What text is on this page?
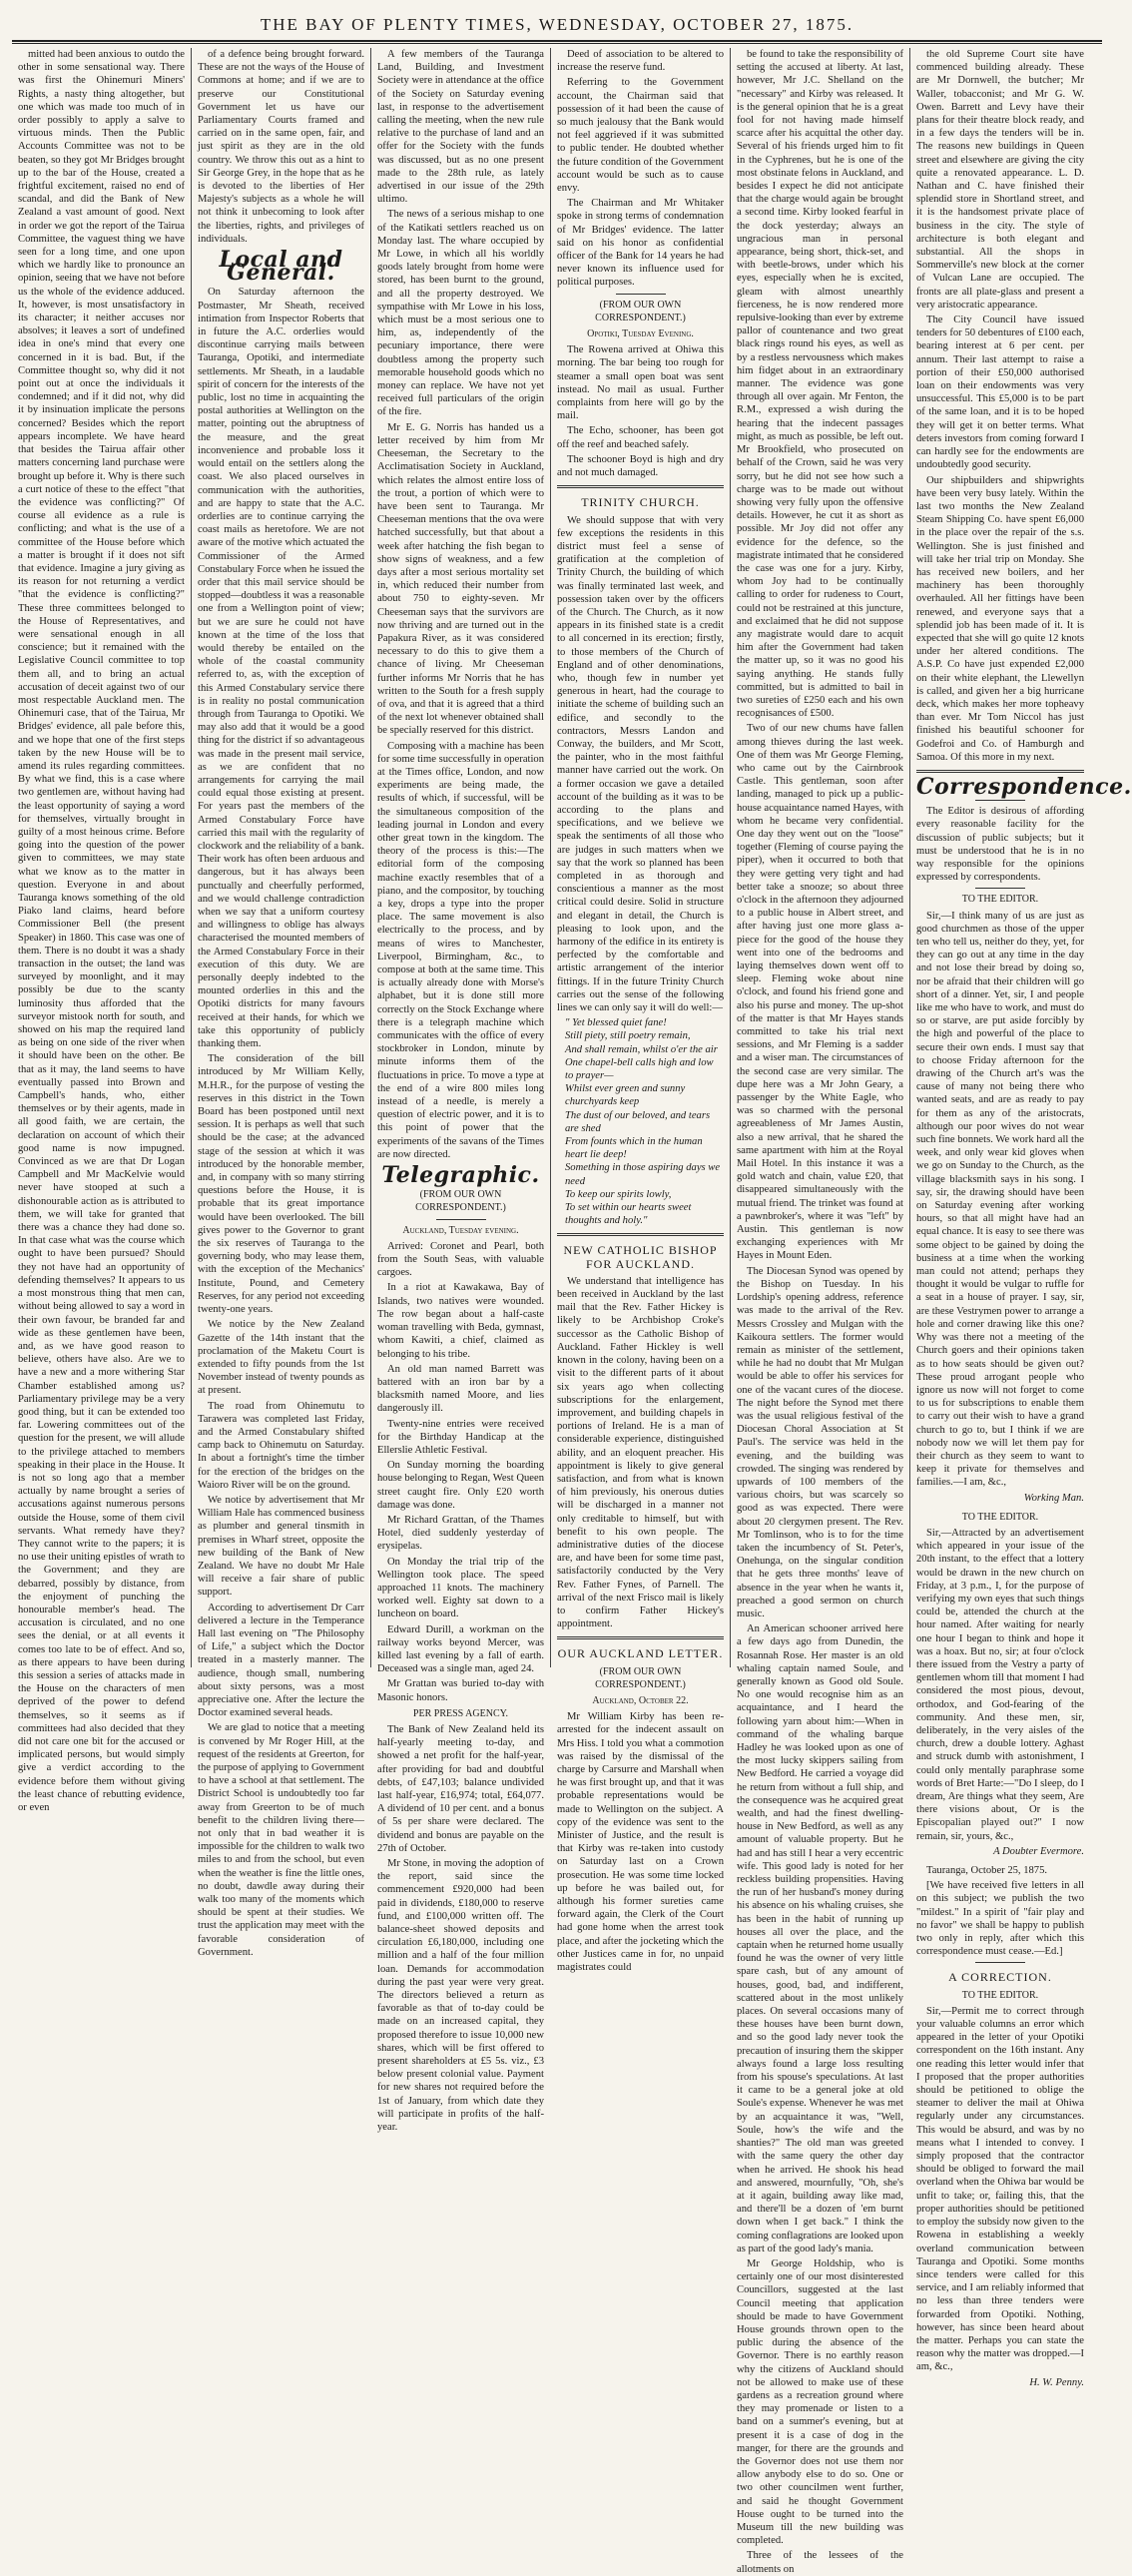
THE BAY OF PLENTY TIMES, WEDNESDAY, OCTOBER 27, 1875.

mitted had been anxious to outdo the other in some sensational way. There was first the Ohinemuri Miners' Rights, a nasty thing altogether, but one which was made too much of in order possibly to apply a salve to virtuous minds. Then the Public Accounts Committee was not to be beaten, so they got Mr Bridges brought up to the bar of the House, created a frightful excitement, raised no end of scandal, and did the Bank of New Zealand a vast amount of good. Next in order we got the report of the Tairua Committee, the vaguest thing we have seen for a long time, and one upon which we hardly like to pronounce an opinion, seeing that we have not before us the whole of the evidence adduced. It, however, is most unsatisfactory in its character; it neither accuses nor absolves; it leaves a sort of undefined idea in one's mind that every one concerned in it is bad. But, if the Committee thought so, why did it not point out at once the individuals it condemned; and if it did not, why did it by insinuation implicate the persons concerned? Besides which the report appears incomplete. We have heard that besides the Tairua affair other matters concerning land purchase were brought up before it. Why is there such a curt notice of these to the effect "that the evidence was conflicting?" Of course all evidence as a rule is conflicting; and what is the use of a committee of the House before which a matter is brought if it does not sift that evidence. Imagine a jury giving as its reason for not returning a verdict "that the evidence is conflicting?" These three committees belonged to the House of Representatives, and were sensational enough in all conscience; but it remained with the Legislative Council committee to top them all, and to bring an actual accusation of deceit against two of our most respectable Auckland men. The Ohinemuri case, that of the Tairua, Mr Bridges' evidence, all pale before this, and we hope that one of the first steps taken by the new House will be to amend its rules regarding committees. By what we find, this is a case where two gentlemen are, without having had the least opportunity of saying a word for themselves, virtually brought in guilty of a most heinous crime. Before going into the question of the power given to committees, we may state what we know as to the matter in question. Everyone in and about Tauranga knows something of the old Piako land claims, heard before Commissioner Bell (the present Speaker) in 1860. This case was one of them. There is no doubt it was a shady transaction in the outset; the land was surveyed by moonlight, and it may possibly be due to the scanty luminosity thus afforded that the surveyor mistook north for south, and showed on his map the required land as being on one side of the river when it should have been on the other. Be that as it may, the land seems to have eventually passed into Brown and Campbell's hands, who, either themselves or by their agents, made in all good faith, we are certain, the declaration on account of which their good name is now impugned. Convinced as we are that Dr Logan Campbell and Mr MacKelvie would never have stooped at such a dishonourable action as is attributed to them, we will take for granted that there was a chance they had done so. In that case what was the course which ought to have been pursued? Should they not have had an opportunity of defending themselves? It appears to us a most monstrous thing that men can, without being allowed to say a word in their own favour, be branded far and wide as these gentlemen have been, and, as we have good reason to believe, others have also. Are we to have a new and a more withering Star Chamber established among us? Parliamentary privilege may be a very good thing, but it can be extended too far. Lowering committees out of the question for the present, we will allude to the privilege attached to members speaking in their place in the House. It is not so long ago that a member actually by name brought a series of accusations against numerous persons outside the House, some of them civil servants. What remedy have they? They cannot write to the papers; it is no use their uniting epistles of wrath to the Government; and they are debarred, possibly by distance, from the enjoyment of punching the honourable member's head. The accusation is circulated, and no one sees the denial, or at all events it comes too late to be of effect. And so, as there appears to have been during this session a series of attacks made in the House on the characters of men deprived of the power to defend themselves, so it seems as if committees had also decided that they did not care one bit for the accused or implicated persons, but would simply give a verdict according to the evidence before them without giving the least chance of rebutting evidence, or even

of a defence being brought forward. These are not the ways of the House of Commons at home; and if we are to preserve our Constitutional Government let us have our Parliamentary Courts framed and carried on in the same open, fair, and just spirit as they are in the old country. We throw this out as a hint to Sir George Grey, in the hope that as he is devoted to the liberties of Her Majesty's subjects as a whole he will not think it unbecoming to look after the liberties, rights, and privileges of individuals.

Local and General.

On Saturday afternoon the Postmaster, Mr Sheath, received intimation from Inspector Roberts that in future the A.C. orderlies would discontinue carrying mails between Tauranga, Opotiki, and intermediate settlements. Mr Sheath, in a laudable spirit of concern for the interests of the public, lost no time in acquainting the postal authorities at Wellington on the matter, pointing out the abruptness of the measure, and the great inconvenience and probable loss it would entail on the settlers along the coast. We also placed ourselves in communication with the authorities, and are happy to state that the A.C. orderlies are to continue carrying the coast mails as heretofore. We are not aware of the motive which actuated the Commissioner of the Armed Constabulary Force when he issued the order that this mail service should be stopped—doubtless it was a reasonable one from a Wellington point of view; but we are sure he could not have known at the time of the loss that would thereby be entailed on the whole of the coastal community referred to, as, with the exception of this Armed Constabulary service there is in reality no postal communication through from Tauranga to Opotiki. We may also add that it would be a good thing for the district if so advantageous was made in the present mail service, as we are confident that no arrangements for carrying the mail could equal those existing at present. For years past the members of the Armed Constabulary Force have carried this mail with the regularity of clockwork and the reliability of a bank. Their work has often been arduous and dangerous, but it has always been punctually and cheerfully performed, and we would challenge contradiction when we say that a uniform courtesy and willingness to oblige has always characterised the mounted members of the Armed Constabulary Force in their execution of this duty. We are personally deeply indebted to the mounted orderlies in this and the Opotiki districts for many favours received at their hands, for which we take this opportunity of publicly thanking them.

The consideration of the bill introduced by Mr William Kelly, M.H.R., for the purpose of vesting the reserves in this district in the Town Board has been postponed until next session. It is perhaps as well that such should be the case; at the advanced stage of the session at which it was introduced by the honorable member, and, in company with so many stirring questions before the House, it is probable that its great importance would have been overlooked. The bill gives power to the Governor to grant the six reserves of Tauranga to the governing body, who may lease them, with the exception of the Mechanics' Institute, Pound, and Cemetery Reserves, for any period not exceeding twenty-one years.

We notice by the New Zealand Gazette of the 14th instant that the proclamation of the Maketu Court is extended to fifty pounds from the 1st November instead of twenty pounds as at present.

The road from Ohinemutu to Tarawera was completed last Friday, and the Armed Constabulary shifted camp back to Ohinemutu on Saturday. In about a fortnight's time the timber for the erection of the bridges on the Waioro River will be on the ground.

We notice by advertisement that Mr William Hale has commenced business as plumber and general tinsmith in premises in Wharf street, opposite the new building of the Bank of New Zealand. We have no doubt Mr Hale will receive a fair share of public support.

According to advertisement Dr Carr delivered a lecture in the Temperance Hall last evening on "The Philosophy of Life," a subject which the Doctor treated in a masterly manner. The audience, though small, numbering about sixty persons, was a most appreciative one. After the lecture the Doctor examined several heads.

We are glad to notice that a meeting is convened by Mr Roger Hill, at the request of the residents at Greerton, for the purpose of applying to Government to have a school at that settlement. The District School is undoubtedly too far away from Greerton to be of much benefit to the children living there—not only that in bad weather it is impossible for the children to walk two miles to and from the school, but even when the weather is fine the little ones, no doubt, dawdle away during their walk too many of the moments which should be spent at their studies. We trust the application may meet with the favorable consideration of Government.

A few members of the Tauranga Land, Building, and Investment Society were in attendance at the office of the Society on Saturday evening last, in response to the advertisement calling the meeting, when the new rule relative to the purchase of land and an offer for the Society with the funds was discussed, but as no one present made to the 28th rule, as lately advertised in our issue of the 29th ultimo.

The news of a serious mishap to one of the Katikati settlers reached us on Monday last. The whare occupied by Mr Lowe, in which all his worldly goods lately brought from home were stored, has been burnt to the ground, and all the property destroyed. We sympathise with Mr Lowe in his loss, which must be a most serious one to him, as, independently of the pecuniary importance, there were doubtless among the property such memorable household goods which no money can replace. We have not yet received full particulars of the origin of the fire.

Mr E. G. Norris has handed us a letter received by him from Mr Cheeseman, the Secretary to the Acclimatisation Society in Auckland, which relates the almost entire loss of the trout, a portion of which were to have been sent to Tauranga. Mr Cheeseman mentions that the ova were hatched successfully, but that about a week after hatching the fish began to show signs of weakness, and a few days after a most serious mortality set in, which reduced their number from about 750 to eighty-seven. Mr Cheeseman says that the survivors are now thriving and are turned out in the Papakura River, as it was considered necessary to do this to give them a chance of living. Mr Cheeseman further informs Mr Norris that he has written to the South for a fresh supply of ova, and that it is agreed that a third of the next lot whenever obtained shall be specially reserved for this district.

Composing with a machine has been for some time successfully in operation at the Times office, London, and now experiments are being made, the results of which, if successful, will be the simultaneous composition of the leading journal in London and every other great town in the kingdom. The theory of the process is this:—The editorial form of the composing machine exactly resembles that of a piano, and the compositor, by touching a key, drops a type into the proper place. The same movement is also electrically to the process, and by means of wires to Manchester, Liverpool, Birmingham, &c., to compose at both at the same time. This is actually already done with Morse's alphabet, but it is done still more correctly on the Stock Exchange where there is a telegraph machine which communicates with the office of every stockbroker in London, minute by minute informs them of the fluctuations in price. To move a type at the end of a wire 800 miles long instead of a needle, is merely a question of electric power, and it is to this point of power that the experiments of the savans of the Times are now directed.

Telegraphic.

(FROM OUR OWN CORRESPONDENT.)

Auckland, Tuesday evening.

Arrived: Coronet and Pearl, both from the South Seas, with valuable cargoes.

In a riot at Kawakawa, Bay of Islands, two natives were wounded. The row began about a half-caste woman travelling with Beda, gymnast, whom Kawiti, a chief, claimed as belonging to his tribe.

An old man named Barrett was battered with an iron bar by a blacksmith named Moore, and lies dangerously ill.

Twenty-nine entries were received for the Birthday Handicap at the Ellerslie Athletic Festival.

On Sunday morning the boarding house belonging to Regan, West Queen street caught fire. Only £20 worth damage was done.

Mr Richard Grattan, of the Thames Hotel, died suddenly yesterday of erysipelas.

On Monday the trial trip of the Wellington took place. The speed approached 11 knots. The machinery worked well. Eighty sat down to a luncheon on board.

Edward Durill, a workman on the railway works beyond Mercer, was killed last evening by a fall of earth. Deceased was a single man, aged 24.

Mr Grattan was buried to-day with Masonic honors.

PER PRESS AGENCY.

The Bank of New Zealand held its half-yearly meeting to-day, and showed a net profit for the half-year, after providing for bad and doubtful debts, of £47,103; balance undivided last half-year, £16,974; total, £64,077. A dividend of 10 per cent. and a bonus of 5s per share were declared. The dividend and bonus are payable on the 27th of October.

Mr Stone, in moving the adoption of the report, said since the commencement £920,000 had been paid in dividends, £180,000 to reserve fund, and £100,000 written off. The balance-sheet showed deposits and circulation £6,180,000, including one million and a half of the four million loan. Demands for accommodation during the past year were very great. The directors believed a return as favorable as that of to-day could be made on an increased capital, they proposed therefore to issue 10,000 new shares, which will be first offered to present shareholders at £5 5s. viz., £3 below present colonial value. Payment for new shares not required before the 1st of January, from which date they will participate in profits of the half-year.

Deed of association to be altered to increase the reserve fund.

Referring to the Government account, the Chairman said that possession of it had been the cause of so much jealousy that the Bank would not feel aggrieved if it was submitted to public tender. He doubted whether the future condition of the Government account would be such as to cause envy.

The Chairman and Mr Whitaker spoke in strong terms of condemnation of Mr Bridges' evidence. The latter said on his honor as confidential officer of the Bank for 14 years he had never known its influence used for political purposes.

(FROM OUR OWN CORRESPONDENT.)

Opotiki, Tuesday Evening.

The Rowena arrived at Ohiwa this morning. The bar being too rough for steamer a small open boat was sent instead. No mail as usual. Further complaints from here will go by the mail.

The Echo, schooner, has been got off the reef and beached safely.

The schooner Boyd is high and dry and not much damaged.

TRINITY CHURCH.

We should suppose that with very few exceptions the residents in this district must feel a sense of gratification at the completion of Trinity Church, the building of which was finally terminated last week, and possession taken over by the officers of the Church. The Church, as it now appears in its finished state is a credit to all concerned in its erection; firstly, to those members of the Church of England and of other denominations, who, though few in number yet generous in heart, had the courage to initiate the scheme of building such an edifice, and secondly to the contractors, Messrs Landon and Conway, the builders, and Mr Scott, the painter, who in the most faithful manner have carried out the work. On a former occasion we gave a detailed account of the building as it was to be according to the plans and specifications, and we believe we speak the sentiments of all those who are judges in such matters when we say that the work so planned has been completed in as thorough and conscientious a manner as the most critical could desire. Solid in structure and elegant in detail, the Church is pleasing to look upon, and the harmony of the edifice in its entirety is perfected by the comfortable and artistic arrangement of the interior fittings. If in the future Trinity Church carries out the sense of the following lines we can only say it will do well:—

" Yet blessed quiet fane!

Still piety, still poetry remain,

And shall remain, whilst o'er the air

One chapel-bell calls high and low to prayer—

Whilst ever green and sunny churchyards keep

The dust of our beloved, and tears are shed

From founts which in the human heart lie deep!

Something in those aspiring days we need

To keep our spirits lowly,

To set within our hearts sweet thoughts and holy."

NEW CATHOLIC BISHOP FOR AUCKLAND.

We understand that intelligence has been received in Auckland by the last mail that the Rev. Father Hickey is likely to be Archbishop Croke's successor as the Catholic Bishop of Auckland. Father Hickley is well known in the colony, having been on a visit to the different parts of it about six years ago when collecting subscriptions for the enlargement, improvement, and building chapels in portions of Ireland. He is a man of considerable experience, distinguished ability, and an eloquent preacher. His appointment is likely to give general satisfaction, and from what is known of him previously, his onerous duties will be discharged in a manner not only creditable to himself, but with benefit to his own people. The administrative duties of the diocese are, and have been for some time past, satisfactorily conducted by the Very Rev. Father Fynes, of Parnell. The arrival of the next Frisco mail is likely to confirm Father Hickey's appointment.

OUR AUCKLAND LETTER.

(FROM OUR OWN CORRESPONDENT.)

Auckland, October 22.

Mr William Kirby has been re-arrested for the indecent assault on Mrs Hiss. I told you what a commotion was raised by the dismissal of the charge by Carsurre and Marshall when he was first brought up, and that it was probable representations would be made to Wellington on the subject. A copy of the evidence was sent to the Minister of Justice, and the result is that Kirby was re-taken into custody on Saturday last on a Crown prosecution. He was some time locked up before he was bailed out, for although his former sureties came forward again, the Clerk of the Court had gone home when the arrest took place, and after the jocketing which the other Justices came in for, no unpaid magistrates could

be found to take the responsibility of setting the accused at liberty. At last, however, Mr J.C. Shelland on the "necessary" and Kirby was released. It is the general opinion that he is a great fool for not having made himself scarce after his acquittal the other day. Several of his friends urged him to fit in the Cyphrenes, but he is one of the most obstinate felons in Auckland, and besides I expect he did not anticipate that the charge would again be brought a second time. Kirby looked fearful in the dock yesterday; always an ungracious man in personal appearance, being short, thick-set, and with beetle-brows, under which his eyes, especially when he is excited, gleam with almost unearthly fierceness, he is now rendered more repulsive-looking than ever by extreme pallor of countenance and two great black rings round his eyes, as well as by a restless nervousness which makes him fidget about in an extraordinary manner. The evidence was gone through all over again. Mr Fenton, the R.M., expressed a wish during the hearing that the indecent passages might, as much as possible, be left out. Mr Brookfield, who prosecuted on behalf of the Crown, said he was very sorry, but he did not see how such a charge was to be made out without showing very fully upon the offensive details. However, he cut it as short as possible. Mr Joy did not offer any evidence for the defence, so the magistrate intimated that he considered the case was one for a jury. Kirby, whom Joy had to be continually calling to order for rudeness to Court, could not be restrained at this juncture, and exclaimed that he did not suppose any magistrate would dare to acquit him after the Government had taken the matter up, so it was no good his saying anything. He stands fully committed, but is admitted to bail in two sureties of £250 each and his own recognisances of £500.

Two of our new chums have fallen among thieves during the last week. One of them was Mr George Fleming, who came out by the Cairnbrook Castle. This gentleman, soon after landing, managed to pick up a public-house acquaintance named Hayes, with whom he became very confidential. One day they went out on the "loose" together (Fleming of course paying the piper), when it occurred to both that they were getting very tight and had better take a snooze; so about three o'clock in the afternoon they adjourned to a public house in Albert street, and after having just one more glass a-piece for the good of the house they went into one of the bedrooms and laying themselves down went off to sleep. Fleming woke about nine o'clock, and found his friend gone and also his purse and money. The up-shot of the matter is that Mr Hayes stands committed to take his trial next sessions, and Mr Fleming is a sadder and a wiser man. The circumstances of the second case are very similar. The dupe here was a Mr John Geary, a passenger by the White Eagle, who was so charmed with the personal agreeableness of Mr James Austin, also a new arrival, that he shared the same apartment with him at the Royal Mail Hotel. In this instance it was a gold watch and chain, value £20, that disappeared simultaneously with the mutual friend. The trinket was found at a pawnbroker's, where it was "left" by Austin. This gentleman is now exchanging experiences with Mr Hayes in Mount Eden.

The Diocesan Synod was opened by the Bishop on Tuesday. In his Lordship's opening address, reference was made to the arrival of the Rev. Messrs Crossley and Mulgan with the Kaikoura settlers. The former would remain as minister of the settlement, while he had no doubt that Mr Mulgan would be able to offer his services for one of the vacant cures of the diocese. The night before the Synod met there was the usual religious festival of the Diocesan Choral Association at St Paul's. The service was held in the evening, and the building was crowded. The singing was rendered by upwards of 100 members of the various choirs, but was scarcely so good as was expected. There were about 20 clergymen present. The Rev. Mr Tomlinson, who is to for the time taken the incumbency of St. Peter's, Onehunga, on the singular condition that he gets three months' leave of absence in the year when he wants it, preached a good sermon on church music.

An American schooner arrived here a few days ago from Dunedin, the Rosannah Rose. Her master is an old whaling captain named Soule, and generally known as Good old Soule. No one would recognise him as an acquaintance, and I heard the following yarn about him:—When in command of the whaling barque Hadley he was looked upon as one of the most lucky skippers sailing from New Bedford. He carried a voyage did he return from without a full ship, and the consequence was he acquired great wealth, and had the finest dwelling-house in New Bedford, as well as any amount of valuable property. But he had and has still I hear a very eccentric wife. This good lady is noted for her reckless building propensities. Having the run of her husband's money during his absence on his whaling cruises, she has been in the habit of running up houses all over the place, and the captain when he returned home usually found he was the owner of very little spare cash, but of any amount of houses, good, bad, and indifferent, scattered about in the most unlikely places. On several occasions many of these houses have been burnt down, and so the good lady never took the precaution of insuring them the skipper always found a large loss resulting from his spouse's speculations. At last it came to be a general joke at old Soule's expense. Whenever he was met by an acquaintance it was, "Well, Soule, how's the wife and the shanties?" The old man was greeted with the same query the other day when he arrived. He shook his head and answered, mournfully, "Oh, she's at it again, building away like mad, and there'll be a dozen of 'em burnt down when I get back." I think the coming conflagrations are looked upon as part of the good lady's mania.

Mr George Holdship, who is certainly one of our most disinterested Councillors, suggested at the last Council meeting that application should be made to have Government House grounds thrown open to the public during the absence of the Governor. There is no earthly reason why the citizens of Auckland should not be allowed to make use of these gardens as a recreation ground where they may promenade or listen to a band on a summer's evening, but at present it is a case of dog in the manger, for there are the grounds and the Governor does not use them nor allow anybody else to do so. One or two other councilmen went further, and said he thought Government House ought to be turned into the Museum till the new building was completed.

Three of the lessees of the allotments on

the old Supreme Court site have commenced building already. These are Mr Dornwell, the butcher; Mr Waller, tobacconist; and Mr G. W. Owen. Barrett and Levy have their plans for their theatre block ready, and in a few days the tenders will be in. The reasons new buildings in Queen street and elsewhere are giving the city quite a renovated appearance. L. D. Nathan and C. have finished their splendid store in Shortland street, and it is the handsomest private place of business in the city. The style of architecture is both elegant and substantial. All the shops in Sommerville's new block at the corner of Vulcan Lane are occupied. The fronts are all plate-glass and present a very aristocratic appearance.

The City Council have issued tenders for 50 debentures of £100 each, bearing interest at 6 per cent. per annum. Their last attempt to raise a portion of their £50,000 authorised loan on their endowments was very unsuccessful. This £5,000 is to be part of the same loan, and it is to be hoped they will get it on better terms. What deters investors from coming forward I can hardly see for the endowments are undoubtedly good security.

Our shipbuilders and shipwrights have been very busy lately. Within the last two months the New Zealand Steam Shipping Co. have spent £6,000 in the place over the repair of the s.s. Wellington. She is just finished and will take her trial trip on Monday. She has received new boilers, and her machinery has been thoroughly overhauled. All her fittings have been renewed, and everyone says that a splendid job has been made of it. It is expected that she will go quite 12 knots under her altered conditions. The A.S.P. Co have just expended £2,000 on their white elephant, the Llewellyn is called, and given her a big hurricane deck, which makes her more topheavy than ever. Mr Tom Niccol has just finished his beautiful schooner for Godefroi and Co. of Hamburgh and Samoa. Of this more in my next.

Correspondence.

The Editor is desirous of affording every reasonable facility for the discussion of public subjects; but it must be understood that he is in no way responsible for the opinions expressed by correspondents.

TO THE EDITOR.

Sir,—I think many of us are just as good churchmen as those of the upper ten who tell us, neither do they, yet, for they can go out at any time in the day and not lose their bread by doing so, nor be afraid that their children will go short of a dinner. Yet, sir, I and people like me who have to work, and must do so or starve, are put aside forcibly by the high and powerful of the place to secure their own ends. I must say that to choose Friday afternoon for the drawing of the Church art's was the cause of many not being there who wanted seats, and are as ready to pay for them as any of the aristocrats, although our poor wives do not wear such fine bonnets. We work hard all the week, and only wear kid gloves when we go on Sunday to the Church, as the village blacksmith says in his song. I say, sir, the drawing should have been on Saturday evening after working hours, so that all might have had an equal chance. It is easy to see there was some object to be gained by doing the business at a time when the working man could not attend; perhaps they thought it would be vulgar to ruffle for a seat in a house of prayer. I say, sir, are these Vestrymen power to arrange a hole and corner drawing like this one? Why was there not a meeting of the Church goers and their opinions taken as to how seats should be given out? These proud arrogant people who ignore us now will not forget to come to us for subscriptions to enable them to carry out their wish to have a grand church to go to, but I think if we are nobody now we will let them pay for their church as they seem to want to keep it private for themselves and families.—I am, &c.,

Working Man.

TO THE EDITOR.

Sir,—Attracted by an advertisement which appeared in your issue of the 20th instant, to the effect that a lottery would be drawn in the new church on Friday, at 3 p.m., I, for the purpose of verifying my own eyes that such things could be, attended the church at the hour named. After waiting for nearly one hour I began to think and hope it was a hoax. But no, sir; at four o'clock there issued from the Vestry a party of gentlemen whom till that moment I had considered the most pious, devout, orthodox, and God-fearing of the community. And these men, sir, deliberately, in the very aisles of the church, drew a double lottery. Aghast and struck dumb with astonishment, I could only mentally paraphrase some words of Bret Harte:—"Do I sleep, do I dream, Are things what they seem, Are there visions about, Or is the Episcopalian played out?" I now remain, sir, yours, &c.,

A Doubter Evermore.

Tauranga, October 25, 1875.

[We have received five letters in all on this subject; we publish the two "mildest." In a spirit of "fair play and no favor" we shall be happy to publish two only in reply, after which this correspondence must cease.—Ed.]

A CORRECTION.

TO THE EDITOR.

Sir,—Permit me to correct through your valuable columns an error which appeared in the letter of your Opotiki correspondent on the 16th instant. Any one reading this letter would infer that I proposed that the proper authorities should be petitioned to oblige the steamer to deliver the mail at Ohiwa regularly under any circumstances. This would be absurd, and was by no means what I intended to convey. I simply proposed that the contractor should be obliged to forward the mail overland when the Ohiwa bar would be unfit to take; or, failing this, that the proper authorities should be petitioned to employ the subsidy now given to the Rowena in establishing a weekly overland communication between Tauranga and Opotiki. Some months since tenders were called for this service, and I am reliably informed that no less than three tenders were forwarded from Opotiki. Nothing, however, has since been heard about the matter. Perhaps you can state the reason why the matter was dropped.—I am, &c.,

H. W. Penny.
